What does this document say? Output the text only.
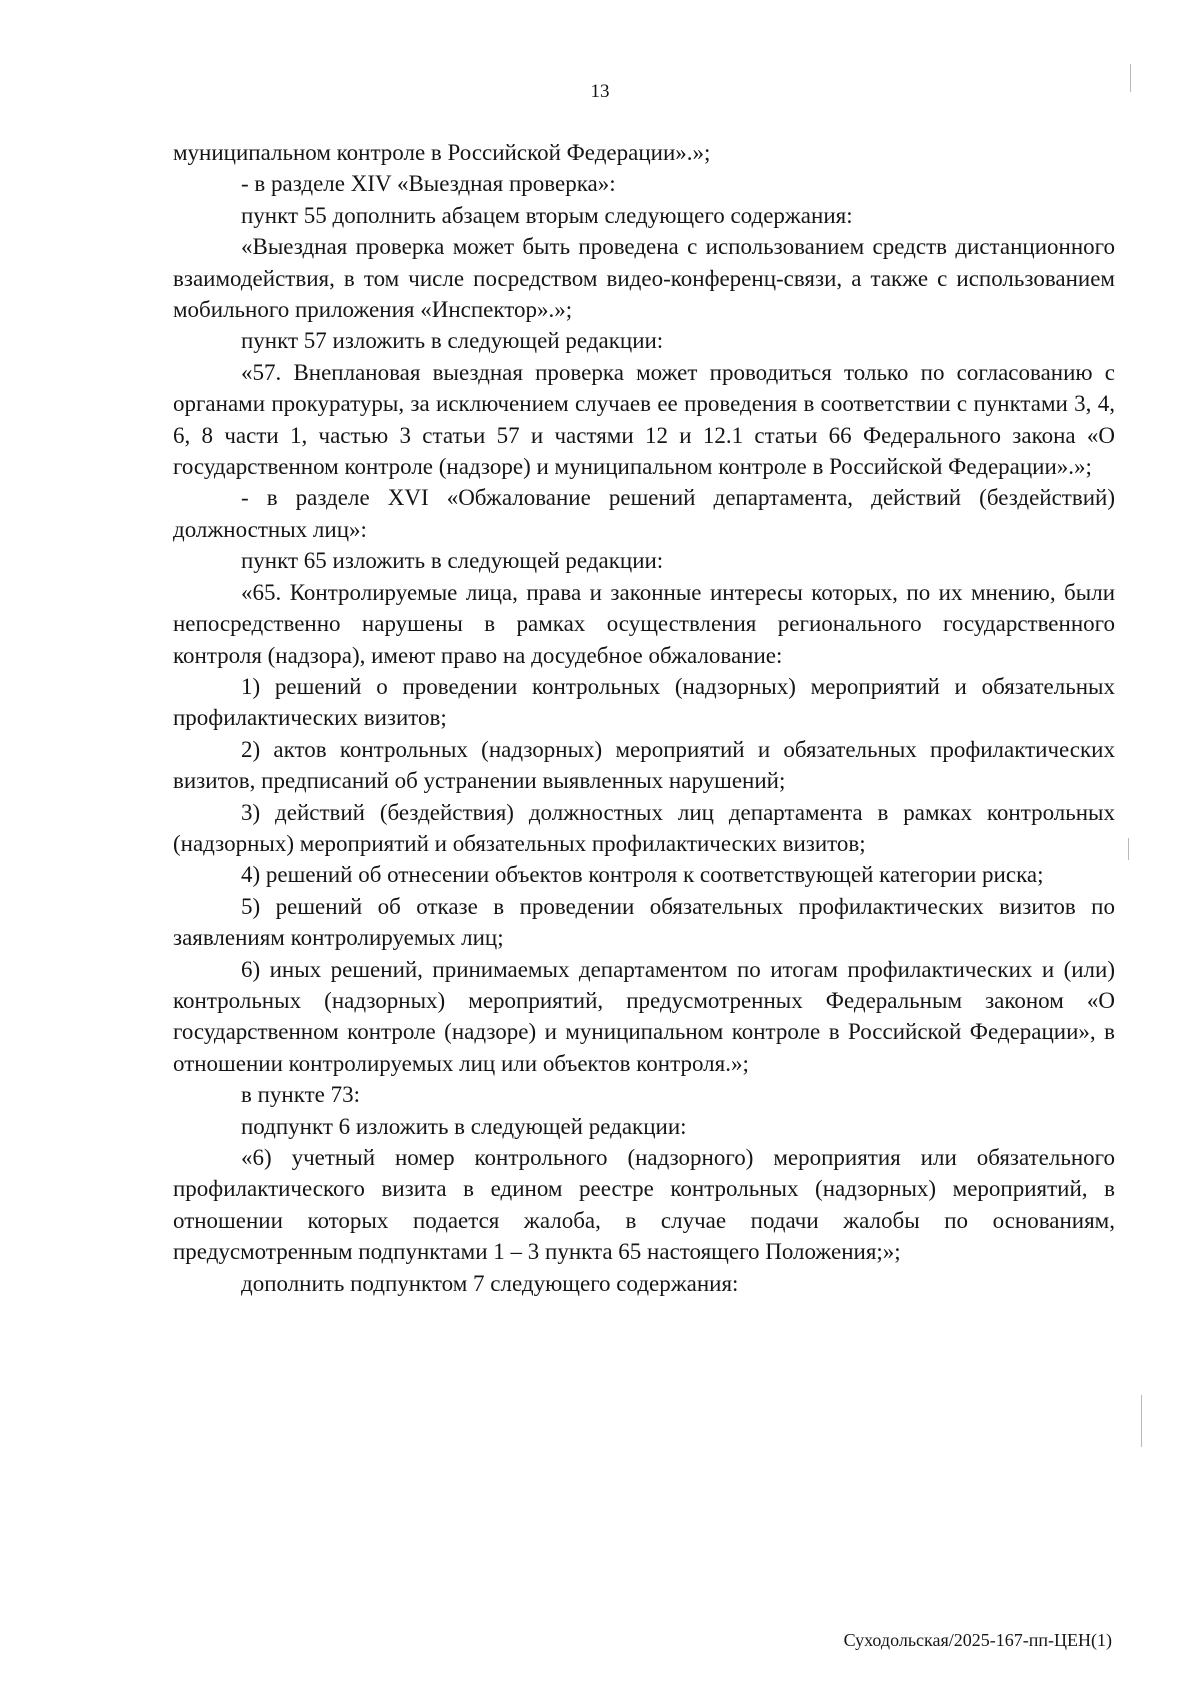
13

муниципальном контроле в Российской Федерации».»;

- в разделе XIV «Выездная проверка»:

пункт 55 дополнить абзацем вторым следующего содержания:

«Выездная проверка может быть проведена с использованием средств дистанционного взаимодействия, в том числе посредством видео-конференц-связи, а также с использованием мобильного приложения «Инспектор».»;

пункт 57 изложить в следующей редакции:

«57. Внеплановая выездная проверка может проводиться только по согласованию с органами прокуратуры, за исключением случаев ее проведения в соответствии с пунктами 3, 4, 6, 8 части 1, частью 3 статьи 57 и частями 12 и 12.1 статьи 66 Федерального закона «О государственном контроле (надзоре) и муниципальном контроле в Российской Федерации».»;

- в разделе XVI «Обжалование решений департамента, действий (бездействий) должностных лиц»:

пункт 65 изложить в следующей редакции:

«65. Контролируемые лица, права и законные интересы которых, по их мнению, были непосредственно нарушены в рамках осуществления регионального государственного контроля (надзора), имеют право на досудебное обжалование:

1) решений о проведении контрольных (надзорных) мероприятий и обязательных профилактических визитов;

2) актов контрольных (надзорных) мероприятий и обязательных профилактических визитов, предписаний об устранении выявленных нарушений;

3) действий (бездействия) должностных лиц департамента в рамках контрольных (надзорных) мероприятий и обязательных профилактических визитов;

4) решений об отнесении объектов контроля к соответствующей категории риска;

5) решений об отказе в проведении обязательных профилактических визитов по заявлениям контролируемых лиц;

6) иных решений, принимаемых департаментом по итогам профилактических и (или) контрольных (надзорных) мероприятий, предусмотренных Федеральным законом «О государственном контроле (надзоре) и муниципальном контроле в Российской Федерации», в отношении контролируемых лиц или объектов контроля.»;

в пункте 73:

подпункт 6 изложить в следующей редакции:

«6) учетный номер контрольного (надзорного) мероприятия или обязательного профилактического визита в едином реестре контрольных (надзорных) мероприятий, в отношении которых подается жалоба, в случае подачи жалобы по основаниям, предусмотренным подпунктами 1 – 3 пункта 65 настоящего Положения;»;

дополнить подпунктом 7 следующего содержания:

Суходольская/2025-167-пп-ЦЕН(1)
